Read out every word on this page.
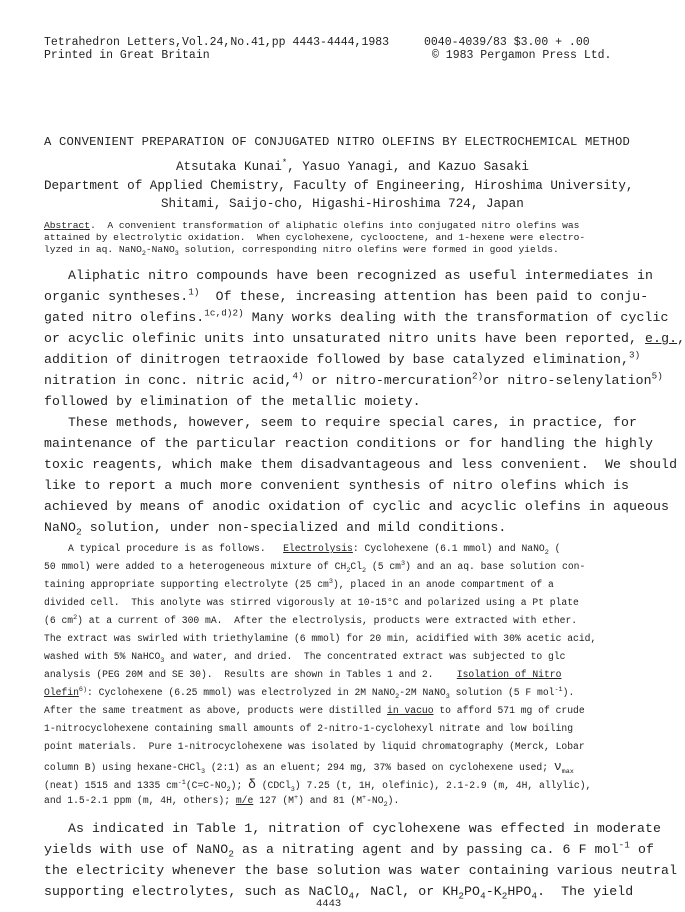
Tetrahedron Letters,Vol.24,No.41,pp 4443-4444,1983
Printed in Great Britain
0040-4039/83 $3.00 + .00
© 1983 Pergamon Press Ltd.
A CONVENIENT PREPARATION OF CONJUGATED NITRO OLEFINS BY ELECTROCHEMICAL METHOD
Atsutaka Kunai*, Yasuo Yanagi, and Kazuo Sasaki
Department of Applied Chemistry, Faculty of Engineering, Hiroshima University,
Shitami, Saijo-cho, Higashi-Hiroshima 724, Japan
Abstract.  A convenient transformation of aliphatic olefins into conjugated nitro olefins was
attained by electrolytic oxidation.  When cyclohexene, cyclooctene, and 1-hexene were electro-
lyzed in aq. NaNO$_2$-NaNO$_3$ solution, corresponding nitro olefins were formed in good yields.
Aliphatic nitro compounds have been recognized as useful intermediates in
organic syntheses.$^{1)}$  Of these, increasing attention has been paid to conju-
gated nitro olefins.$^{1c,d)2)}$ Many works dealing with the transformation of cyclic
or acyclic olefinic units into unsaturated nitro units have been reported, e.g.,
addition of dinitrogen tetraoxide followed by base catalyzed elimination,$^{3)}$
nitration in conc. nitric acid,$^{4)}$ or nitro-mercuration$^{2)}$or nitro-selenylation$^{5)}$
followed by elimination of the metallic moiety.
These methods, however, seem to require special cares, in practice, for
maintenance of the particular reaction conditions or for handling the highly
toxic reagents, which make them disadvantageous and less convenient.  We should
like to report a much more convenient synthesis of nitro olefins which is
achieved by means of anodic oxidation of cyclic and acyclic olefins in aqueous
NaNO$_2$ solution, under non-specialized and mild conditions.
A typical procedure is as follows.   Electrolysis: Cyclohexene (6.1 mmol) and NaNO$_2$ (
50 mmol) were added to a heterogeneous mixture of $CH_2Cl_2$ (5 $cm^3$) and an aq. base solution con-
taining appropriate supporting electrolyte (25 $cm^3$), placed in an anode compartment of a
divided cell.  This anolyte was stirred vigorously at 10-15°C and polarized using a Pt plate
(6 $cm^2$) at a current of 300 mA.  After the electrolysis, products were extracted with ether.
The extract was swirled with triethylamine (6 mmol) for 20 min, acidified with 30% acetic acid,
washed with 5% NaHCO$_3$ and water, and dried.  The concentrated extract was subjected to glc
analysis (PEG 20M and SE 30).  Results are shown in Tables 1 and 2.    Isolation of Nitro
Olefin$^{6)}$: Cyclohexene (6.25 mmol) was electrolyzed in 2M NaNO$_2$-2M NaNO$_3$ solution (5 F mol$^{-1}$).
After the same treatment as above, products were distilled in vacuo to afford 571 mg of crude
1-nitrocyclohexene containing small amounts of 2-nitro-1-cyclohexyl nitrate and low boiling
point materials.  Pure 1-nitrocyclohexene was isolated by liquid chromatography (Merck, Lobar
column B) using hexane-CHCl$_3$ (2:1) as an eluent; 294 mg, 37% based on cyclohexene used; $\nu_{max}$
(neat) 1515 and 1335 $cm^{-1}(C=C-NO_2)$; δ (CDCl$_3$) 7.25 (t, 1H, olefinic), 2.1-2.9 (m, 4H, allylic),
and 1.5-2.1 ppm (m, 4H, others); m/e 127 (M+) and 81 $(M^+-NO_2)$.
As indicated in Table 1, nitration of cyclohexene was effected in moderate
yields with use of NaNO$_2$ as a nitrating agent and by passing ca. 6 F mol$^{-1}$ of
the electricity whenever the base solution was water containing various neutral
supporting electrolytes, such as NaClO$_4$, NaCl, or $KH_2PO_4-K_2HPO_4$.  The yield
4443
